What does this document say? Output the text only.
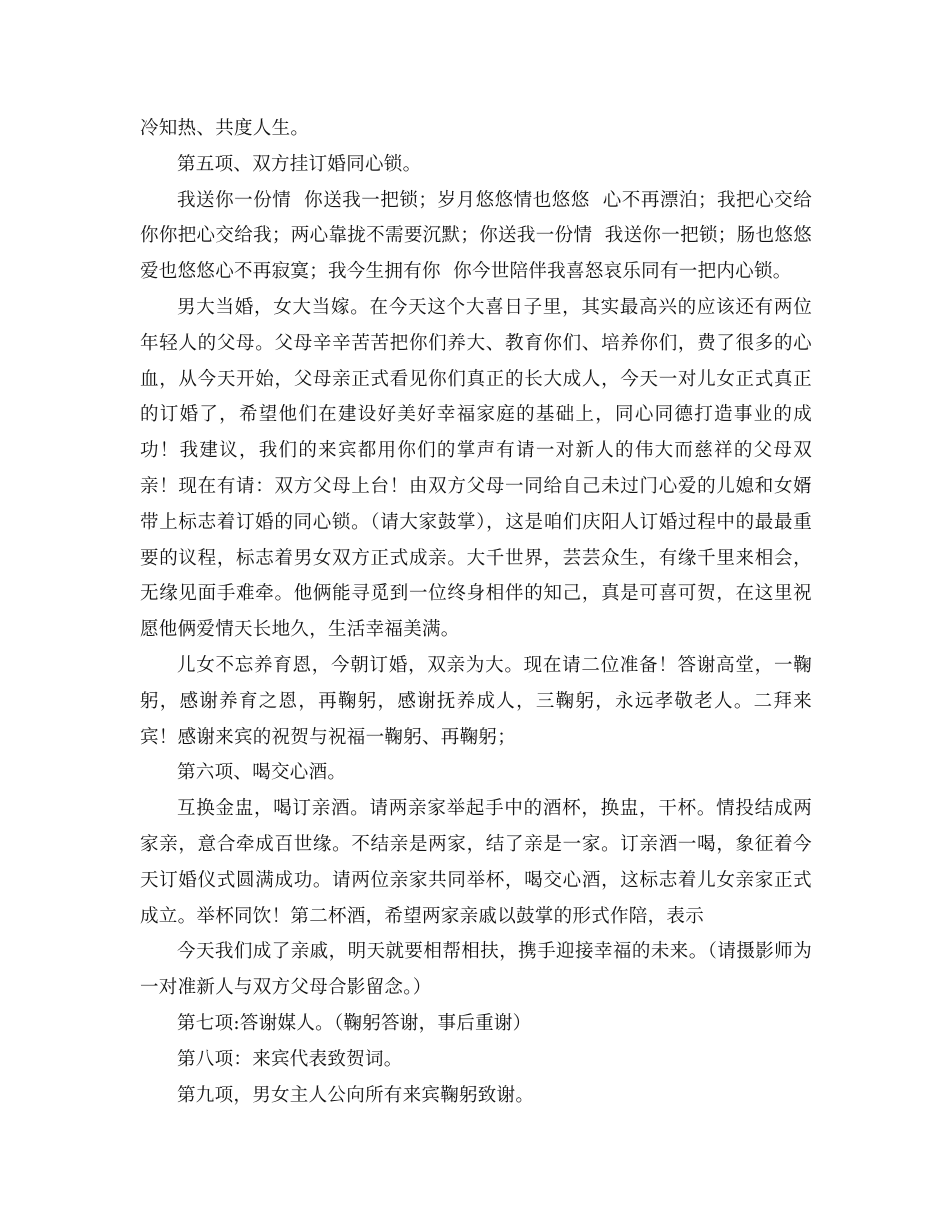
冷知热、共度人生。

第五项、双方挂订婚同心锁。

我送你一份情  你送我一把锁；岁月悠悠情也悠悠  心不再漂泊；我把心交给你你把心交给我；两心靠拢不需要沉默；你送我一份情  我送你一把锁；肠也悠悠爱也悠悠心不再寂寞；我今生拥有你  你今世陪伴我喜怒哀乐同有一把内心锁。

男大当婚，女大当嫁。在今天这个大喜日子里，其实最高兴的应该还有两位年轻人的父母。父母辛辛苦苦把你们养大、教育你们、培养你们，费了很多的心血，从今天开始，父母亲正式看见你们真正的长大成人，今天一对儿女正式真正的订婚了，希望他们在建设好美好幸福家庭的基础上，同心同德打造事业的成功！我建议，我们的来宾都用你们的掌声有请一对新人的伟大而慈祥的父母双亲！现在有请：双方父母上台！由双方父母一同给自己未过门心爱的儿媳和女婿带上标志着订婚的同心锁。（请大家鼓掌），这是咱们庆阳人订婚过程中的最最重要的议程，标志着男女双方正式成亲。大千世界，芸芸众生，有缘千里来相会，无缘见面手难牵。他俩能寻觅到一位终身相伴的知己，真是可喜可贺，在这里祝愿他俩爱情天长地久，生活幸福美满。

儿女不忘养育恩，今朝订婚，双亲为大。现在请二位准备！答谢高堂，一鞠躬，感谢养育之恩，再鞠躬，感谢抚养成人，三鞠躬，永远孝敬老人。二拜来宾！感谢来宾的祝贺与祝福一鞠躬、再鞠躬；

第六项、喝交心酒。

互换金盅，喝订亲酒。请两亲家举起手中的酒杯，换盅，干杯。情投结成两家亲，意合牵成百世缘。不结亲是两家，结了亲是一家。订亲酒一喝，象征着今天订婚仪式圆满成功。请两位亲家共同举杯，喝交心酒，这标志着儿女亲家正式成立。举杯同饮！第二杯酒，希望两家亲戚以鼓掌的形式作陪，表示

今天我们成了亲戚，明天就要相帮相扶，携手迎接幸福的未来。（请摄影师为一对准新人与双方父母合影留念。）

第七项:答谢媒人。（鞠躬答谢，事后重谢）

第八项：来宾代表致贺词。

第九项，男女主人公向所有来宾鞠躬致谢。
